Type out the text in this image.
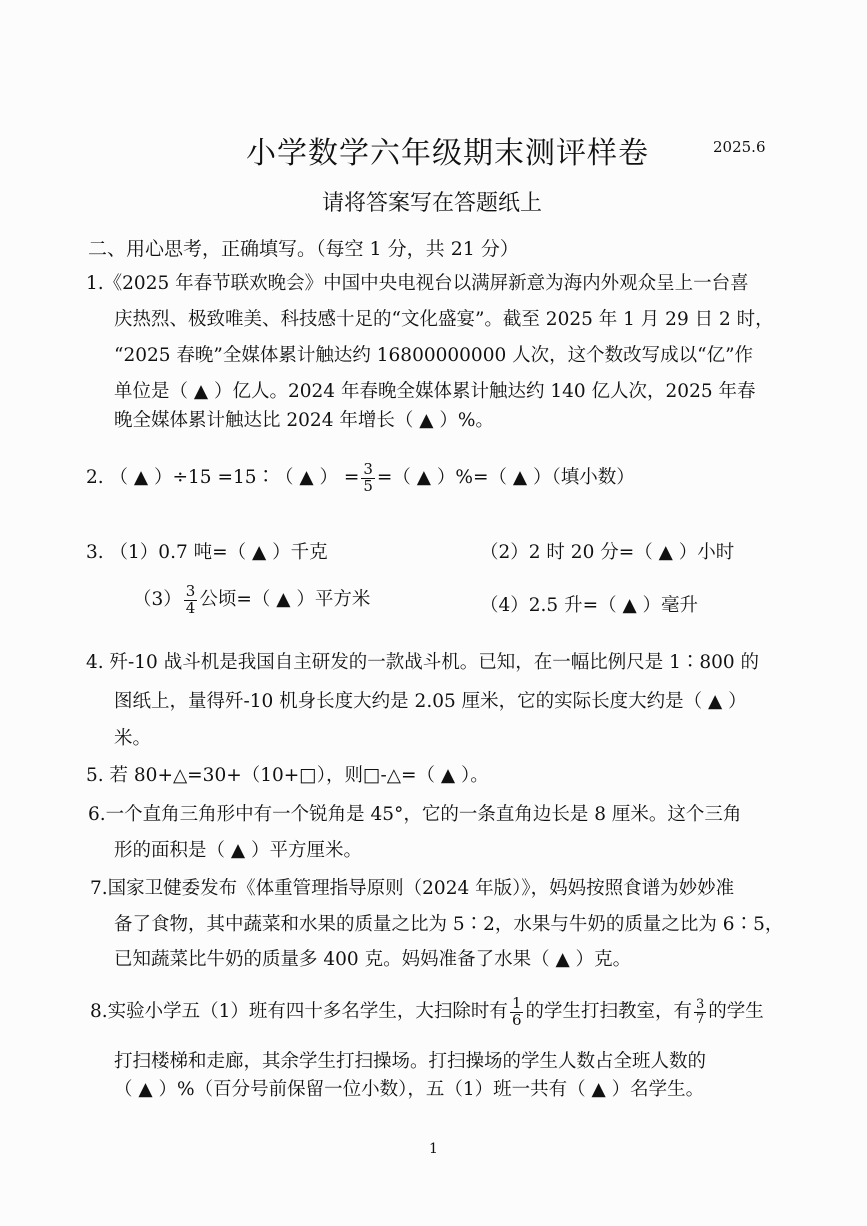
小学数学六年级期末测评样卷	2025.6
请将答案写在答题纸上
二、用心思考，正确填写。（每空 1 分，共 21 分）
1.《2025 年春节联欢晚会》中国中央电视台以满屏新意为海内外观众呈上一台喜
庆热烈、极致唯美、科技感十足的“文化盛宴”。截至 2025 年 1 月 29 日 2 时，
“2025 春晚”全媒体累计触达约 16800000000 人次，这个数改写成以“亿”作
单位是（ ▲ ）亿人。2024 年春晚全媒体累计触达约 140 亿人次，2025 年春
晚全媒体累计触达比 2024 年增长（ ▲ ）%。
2. （ ▲ ）÷15 =15∶（ ▲ ） = $\frac{3}{5}$ =（ ▲ ）%=（ ▲ ）（填小数）
3. （1）0.7 吨=（ ▲ ）千克	（2）2 时 20 分=（ ▲ ）小时
$(3) \frac{3}{4}$ 公顷=（ ▲ ）平方米	（4）2.5 升=（ ▲ ）毫升
4. 歼-10 战斗机是我国自主研发的一款战斗机。已知，在一幅比例尺是 1∶800 的
图纸上，量得歼-10 机身长度大约是 2.05 厘米，它的实际长度大约是（ ▲ ）
米。
5. 若 80+△=30+（10+□），则□-△=（ ▲ ）。
6.一个直角三角形中有一个锐角是 45°，它的一条直角边长是 8 厘米。这个三角
形的面积是（ ▲ ）平方厘米。
7.国家卫健委发布《体重管理指导原则（2024 年版）》，妈妈按照食谱为妙妙准
备了食物，其中蔬菜和水果的质量之比为 5∶2，水果与牛奶的质量之比为 6∶5，
已知蔬菜比牛奶的质量多 400 克。妈妈准备了水果（ ▲ ）克。
8.实验小学五（1）班有四十多名学生，大扫除时有 $\frac{1}{6}$ 的学生打扫教室，有 $\frac{3}{7}$ 的学生
打扫楼梯和走廊，其余学生打扫操场。打扫操场的学生人数占全班人数的
（ ▲ ）%（百分号前保留一位小数），五（1）班一共有（ ▲ ）名学生。
1
